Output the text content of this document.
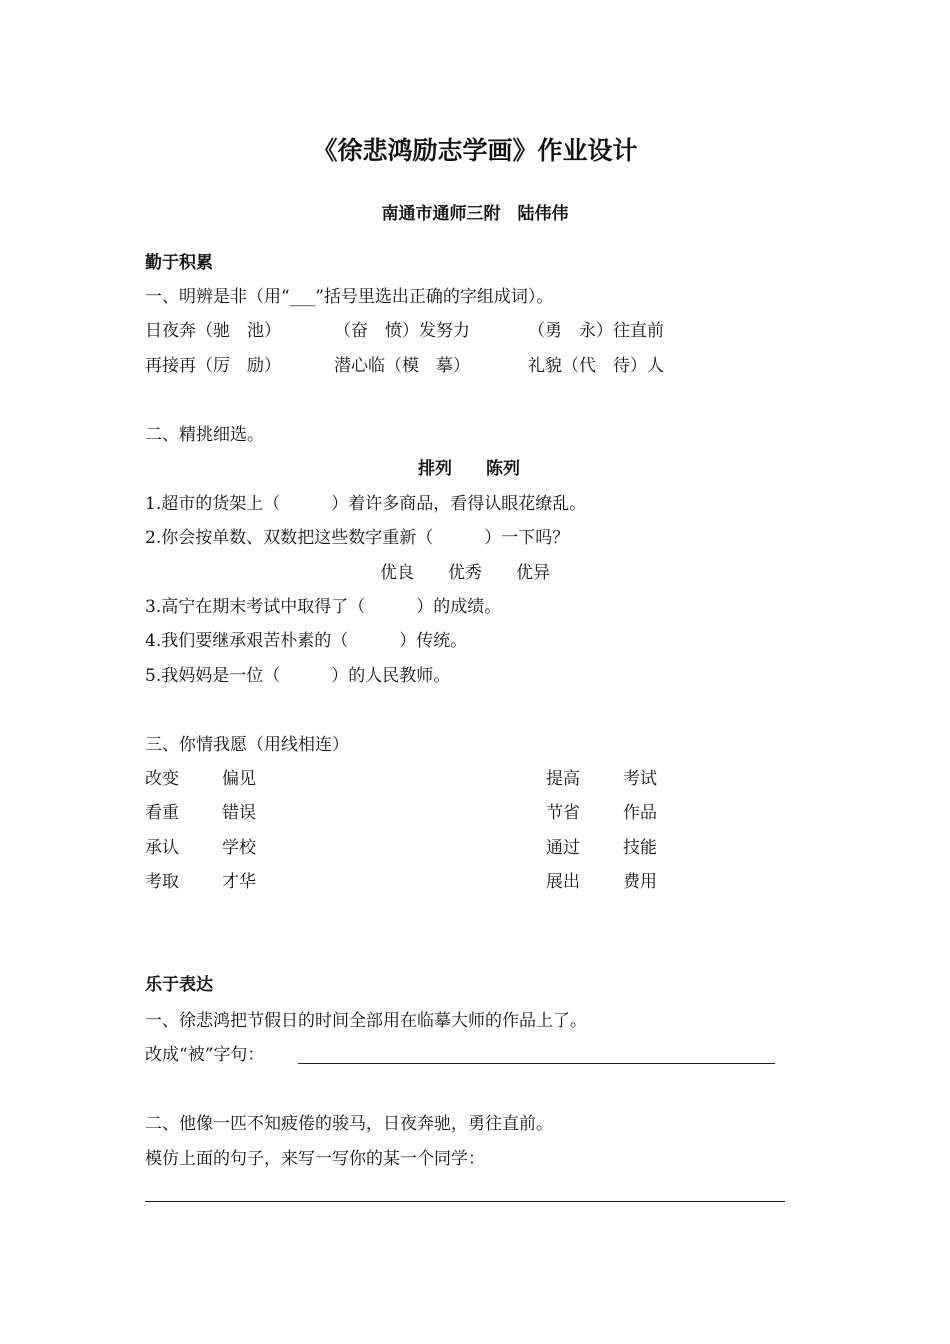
《徐悲鸿励志学画》作业设计
南通市通师三附　陆伟伟
勤于积累
一、明辨是非（用“___”括号里选出正确的字组成词）。
日夜奔（驰　池）	（奋　愤）发努力	（勇　永）往直前
再接再（厉　励）	潜心临（模　摹）	礼貌（代　待）人
二、精挑细选。
排列　　陈列
1.超市的货架上（　　　）着许多商品，看得认眼花缭乱。
2.你会按单数、双数把这些数字重新（　　　）一下吗？
优良　　优秀　　优异
3.高宁在期末考试中取得了（　　　）的成绩。
4.我们要继承艰苦朴素的（　　　）传统。
5.我妈妈是一位（　　　）的人民教师。
三、你情我愿（用线相连）
改变	偏见	提高	考试
看重	错误	节省	作品
承认	学校	通过	技能
考取	才华	展出	费用
乐于表达
一、徐悲鸿把节假日的时间全部用在临摹大师的作品上了。
改成“被”字句：
二、他像一匹不知疲倦的骏马，日夜奔驰，勇往直前。
模仿上面的句子，来写一写你的某一个同学：
